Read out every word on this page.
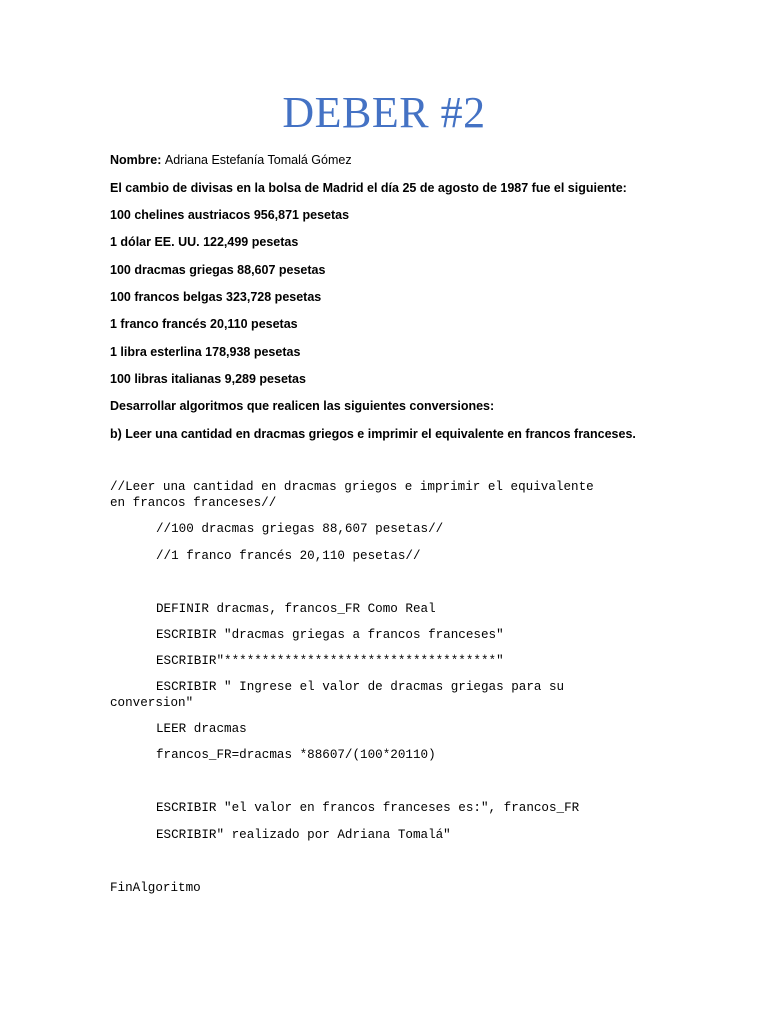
DEBER #2
Nombre: Adriana Estefanía Tomalá Gómez
El cambio de divisas en la bolsa de Madrid el día 25 de agosto de 1987 fue el siguiente:
100 chelines austriacos 956,871 pesetas
1 dólar EE. UU. 122,499 pesetas
100 dracmas griegas 88,607 pesetas
100 francos belgas 323,728 pesetas
1 franco francés 20,110 pesetas
1 libra esterlina 178,938 pesetas
100 libras italianas 9,289 pesetas
Desarrollar algoritmos que realicen las siguientes conversiones:
b) Leer una cantidad en dracmas griegos e imprimir el equivalente en francos franceses.
//Leer una cantidad en dracmas griegos e imprimir el equivalente
en francos franceses//
//100 dracmas griegas 88,607 pesetas//
//1 franco francés 20,110 pesetas//
DEFINIR dracmas, francos_FR Como Real
ESCRIBIR "dracmas griegas a francos franceses"
ESCRIBIR"************************************"
ESCRIBIR " Ingrese el valor de dracmas griegas para su
conversion"
LEER dracmas
francos_FR=dracmas *88607/(100*20110)
ESCRIBIR "el valor en francos franceses es:", francos_FR
ESCRIBIR" realizado por Adriana Tomalá"
FinAlgoritmo
